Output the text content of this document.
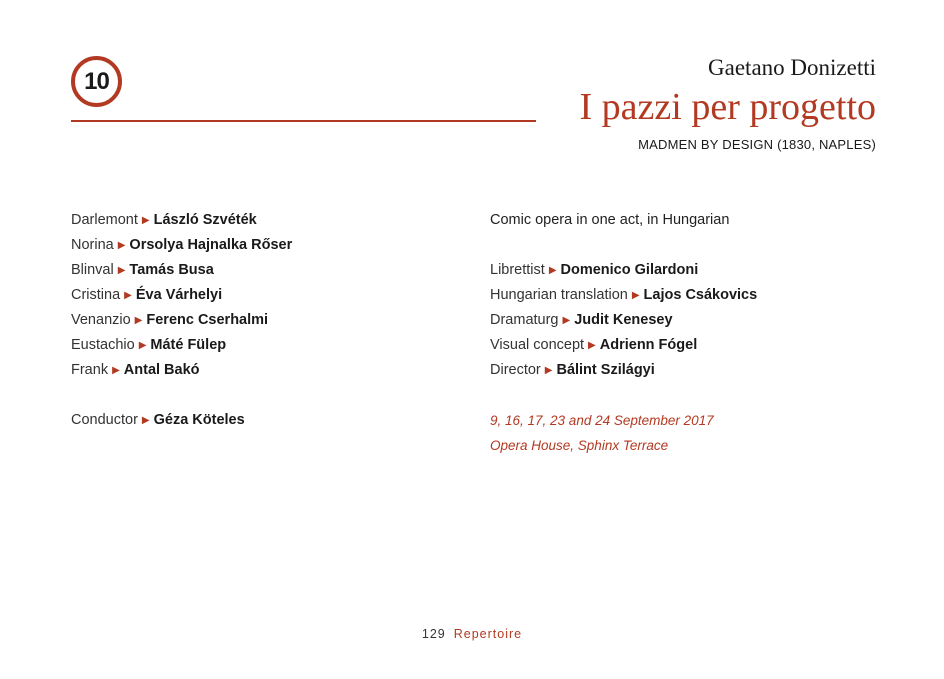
10	Gaetano Donizetti
I pazzi per progetto
MADMEN BY DESIGN (1830, NAPLES)
Darlemont ▶ László Szvéték
Norina ▶ Orsolya Hajnalka Rőser
Blinval ▶ Tamás Busa
Cristina ▶ Éva Várhelyi
Venanzio ▶ Ferenc Cserhalmi
Eustachio ▶ Máté Fülep
Frank ▶ Antal Bakó
Conductor ▶ Géza Köteles
Comic opera in one act, in Hungarian
Librettist ▶ Domenico Gilardoni
Hungarian translation ▶ Lajos Csákovics
Dramaturg ▶ Judit Kenesey
Visual concept ▶ Adrienn Fógel
Director ▶ Bálint Szilágyi
9, 16, 17, 23 and 24 September 2017
Opera House, Sphinx Terrace
129 Repertoire
